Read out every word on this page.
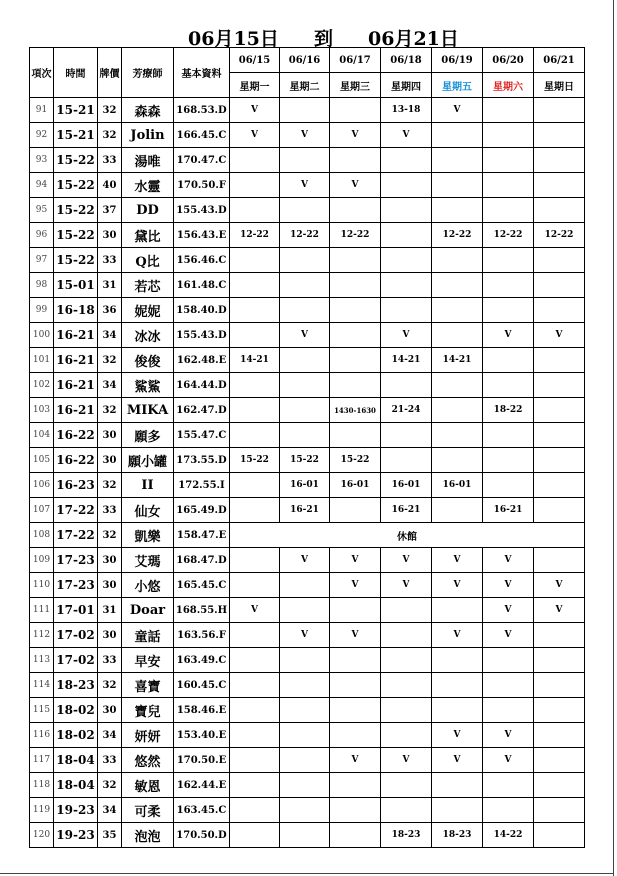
06月15日 到 06月21日
項次	時間	牌價	芳療師	基本資料	06/15	06/16	06/17	06/18	06/19	06/20	06/21
					星期一	星期二	星期三	星期四	星期五	星期六	星期日
91	15-21	32	森森	168.53.D	V			13-18	V		
92	15-21	32	Jolin	166.45.C	V	V	V	V			
93	15-22	33	湯唯	170.47.C							
94	15-22	40	水靈	170.50.F		V	V				
95	15-22	37	DD	155.43.D							
96	15-22	30	黛比	156.43.E	12-22	12-22	12-22		12-22	12-22	12-22
97	15-22	33	Q比	156.46.C							
98	15-01	31	若芯	161.48.C							
99	16-18	36	妮妮	158.40.D							
100	16-21	34	冰冰	155.43.D		V		V		V	V
101	16-21	32	俊俊	162.48.E	14-21			14-21	14-21		
102	16-21	34	鯊鯊	164.44.D							
103	16-21	32	MIKA	162.47.D			1430-1630	21-24		18-22	
104	16-22	30	願多	155.47.C							
105	16-22	30	願小罐	173.55.D	15-22	15-22	15-22				
106	16-23	32	II	172.55.I		16-01	16-01	16-01	16-01		
107	17-22	33	仙女	165.49.D		16-21		16-21		16-21	
108	17-22	32	凱樂	158.47.E	休館						
109	17-23	30	艾瑪	168.47.D		V	V	V	V	V	
110	17-23	30	小悠	165.45.C			V	V	V	V	V
111	17-01	31	Doar	168.55.H	V					V	V
112	17-02	30	童話	163.56.F		V	V		V	V	
113	17-02	33	早安	163.49.C							
114	18-23	32	喜寶	160.45.C							
115	18-02	30	寶兒	158.46.E							
116	18-02	34	妍妍	153.40.E					V	V	
117	18-04	33	悠然	170.50.E			V	V	V	V	
118	18-04	32	敏恩	162.44.E							
119	19-23	34	可柔	163.45.C							
120	19-23	35	泡泡	170.50.D				18-23	18-23	14-22	
